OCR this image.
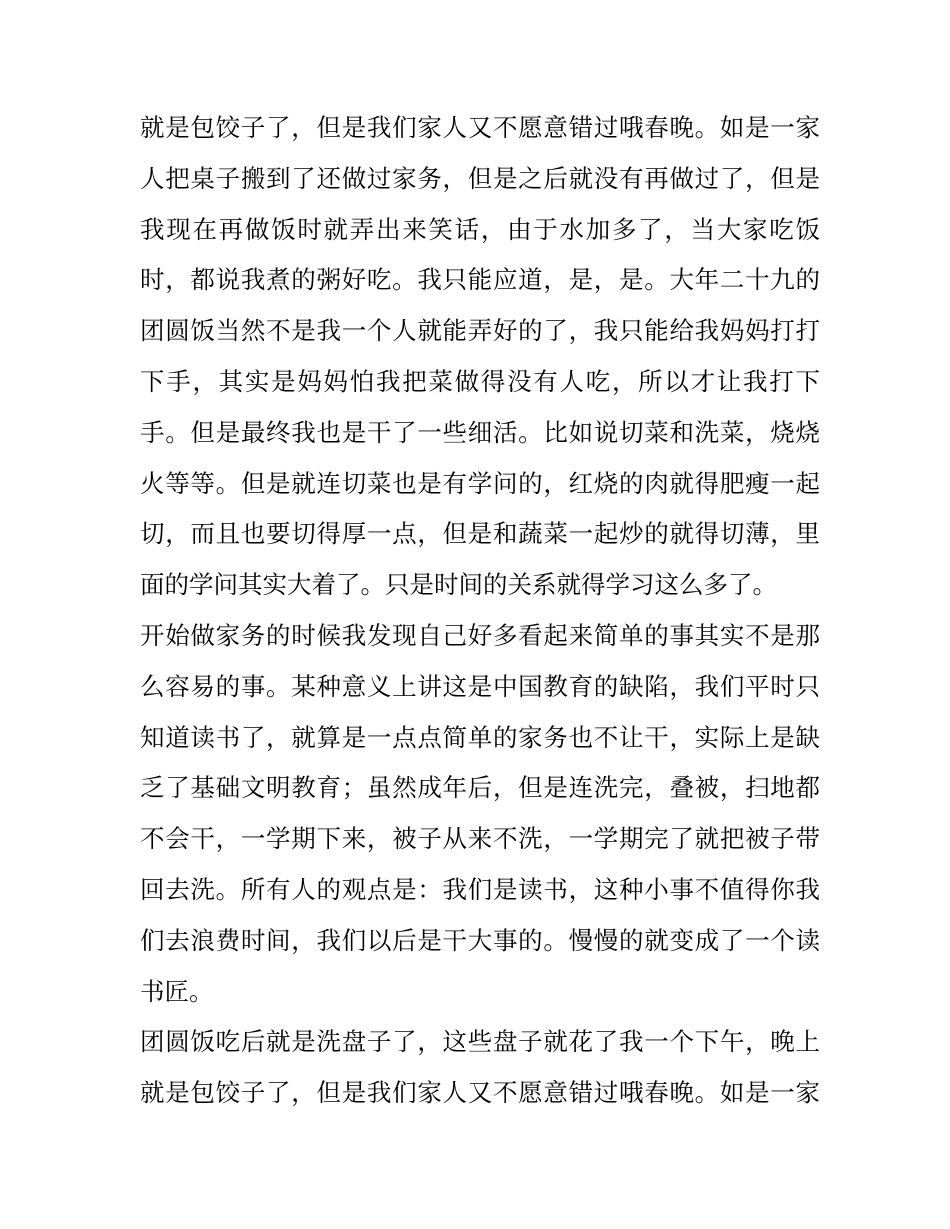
就是包饺子了，但是我们家人又不愿意错过哦春晚。如是一家
人把桌子搬到了还做过家务，但是之后就没有再做过了，但是
我现在再做饭时就弄出来笑话，由于水加多了，当大家吃饭
时，都说我煮的粥好吃。我只能应道，是，是。大年二十九的
团圆饭当然不是我一个人就能弄好的了，我只能给我妈妈打打
下手，其实是妈妈怕我把菜做得没有人吃，所以才让我打下
手。但是最终我也是干了一些细活。比如说切菜和洗菜，烧烧
火等等。但是就连切菜也是有学问的，红烧的肉就得肥瘦一起
切，而且也要切得厚一点，但是和蔬菜一起炒的就得切薄，里
面的学问其实大着了。只是时间的关系就得学习这么多了。
开始做家务的时候我发现自己好多看起来简单的事其实不是那
么容易的事。某种意义上讲这是中国教育的缺陷，我们平时只
知道读书了，就算是一点点简单的家务也不让干，实际上是缺
乏了基础文明教育；虽然成年后，但是连洗完，叠被，扫地都
不会干，一学期下来，被子从来不洗，一学期完了就把被子带
回去洗。所有人的观点是：我们是读书，这种小事不值得你我
们去浪费时间，我们以后是干大事的。慢慢的就变成了一个读
书匠。
团圆饭吃后就是洗盘子了，这些盘子就花了我一个下午，晚上
就是包饺子了，但是我们家人又不愿意错过哦春晚。如是一家
